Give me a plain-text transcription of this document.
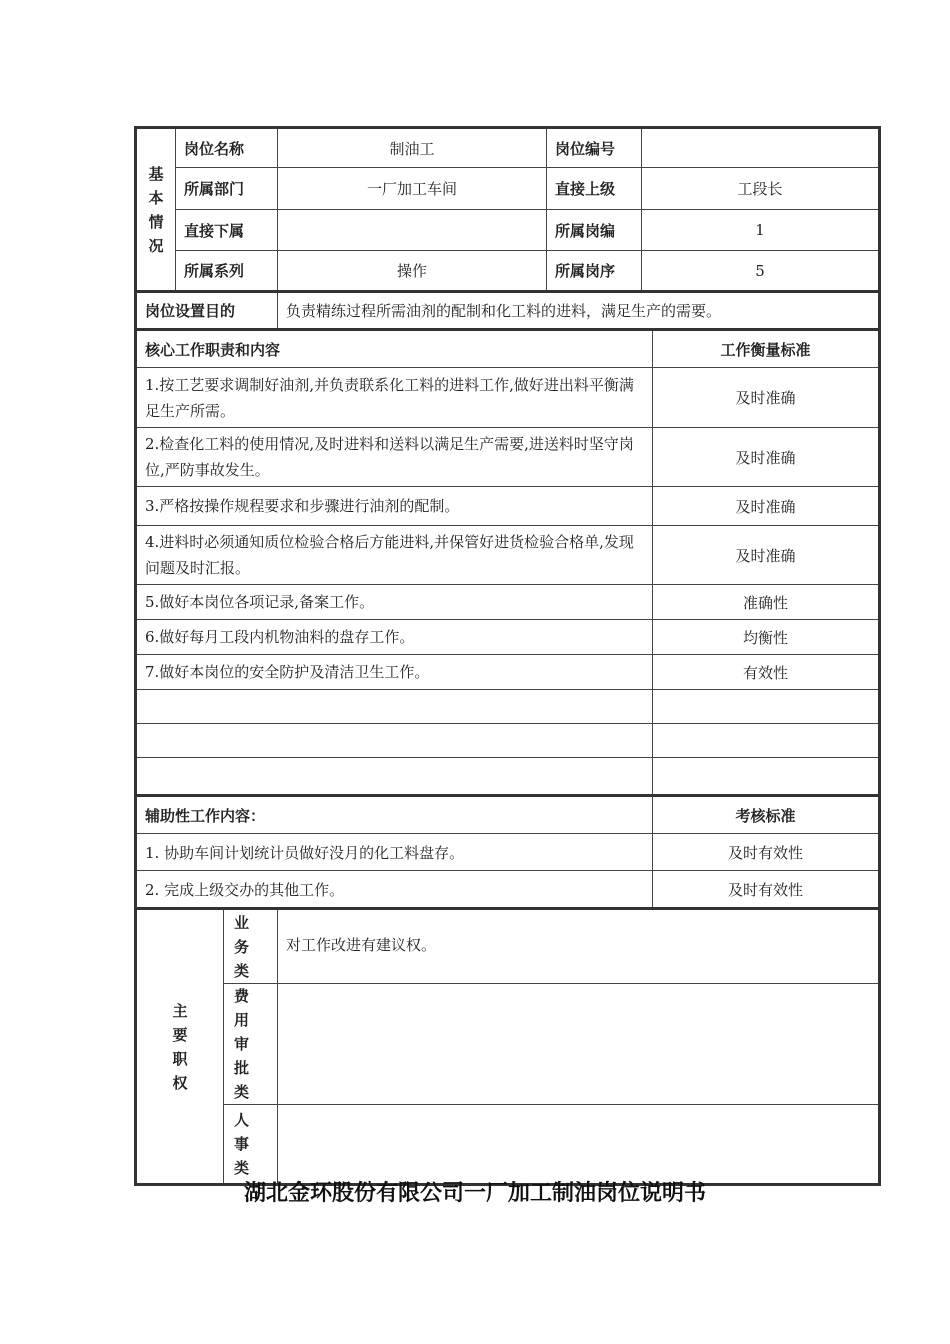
基
本
情
况	岗位名称	制油工	岗位编号	
	所属部门	一厂加工车间	直接上级	工段长
	直接下属		所属岗编	1
	所属系列	操作	所属岗序	5
岗位设置目的	负责精练过程所需油剂的配制和化工料的进料，满足生产的需要。
核心工作职责和内容	工作衡量标准
1.按工艺要求调制好油剂,并负责联系化工料的进料工作,做好进出料平衡满足生产所需。	及时准确
2.检查化工料的使用情况,及时进料和送料以满足生产需要,进送料时坚守岗位,严防事故发生。	及时准确
3.严格按操作规程要求和步骤进行油剂的配制。	及时准确
4.进料时必须通知质位检验合格后方能进料,并保管好进货检验合格单,发现问题及时汇报。	及时准确
5.做好本岗位各项记录,备案工作。	准确性
6.做好每月工段内机物油料的盘存工作。	均衡性
7.做好本岗位的安全防护及清洁卫生工作。	有效性

辅助性工作内容：	考核标准
1. 协助车间计划统计员做好没月的化工料盘存。	及时有效性
2. 完成上级交办的其他工作。	及时有效性
主
要
职
权	业务类	对工作改进有建议权。
	费用审批类	
	人事类	
湖北金环股份有限公司一厂加工制油岗位说明书
